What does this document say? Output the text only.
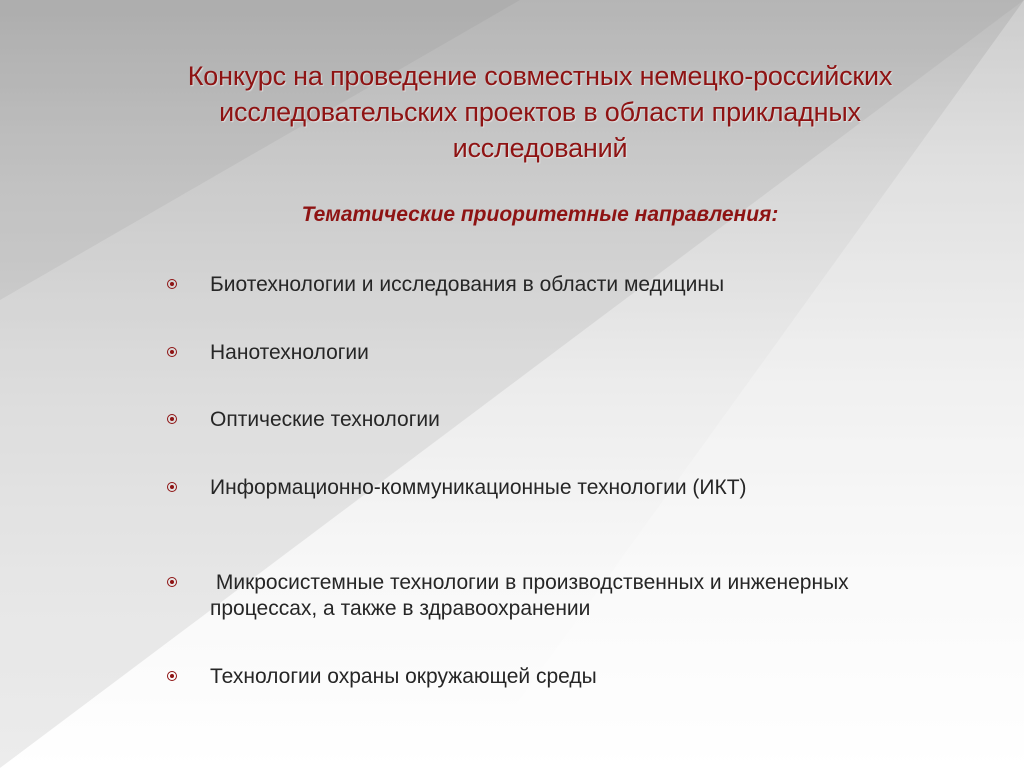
Конкурс на проведение совместных немецко-российских исследовательских проектов в области прикладных исследований
Тематические приоритетные направления:
Биотехнологии и исследования в области медицины
Нанотехнологии
Оптические технологии
Информационно-коммуникационные технологии (ИКТ)
Микросистемные технологии в производственных и инженерных процессах, а также в здравоохранении
Технологии охраны окружающей среды
